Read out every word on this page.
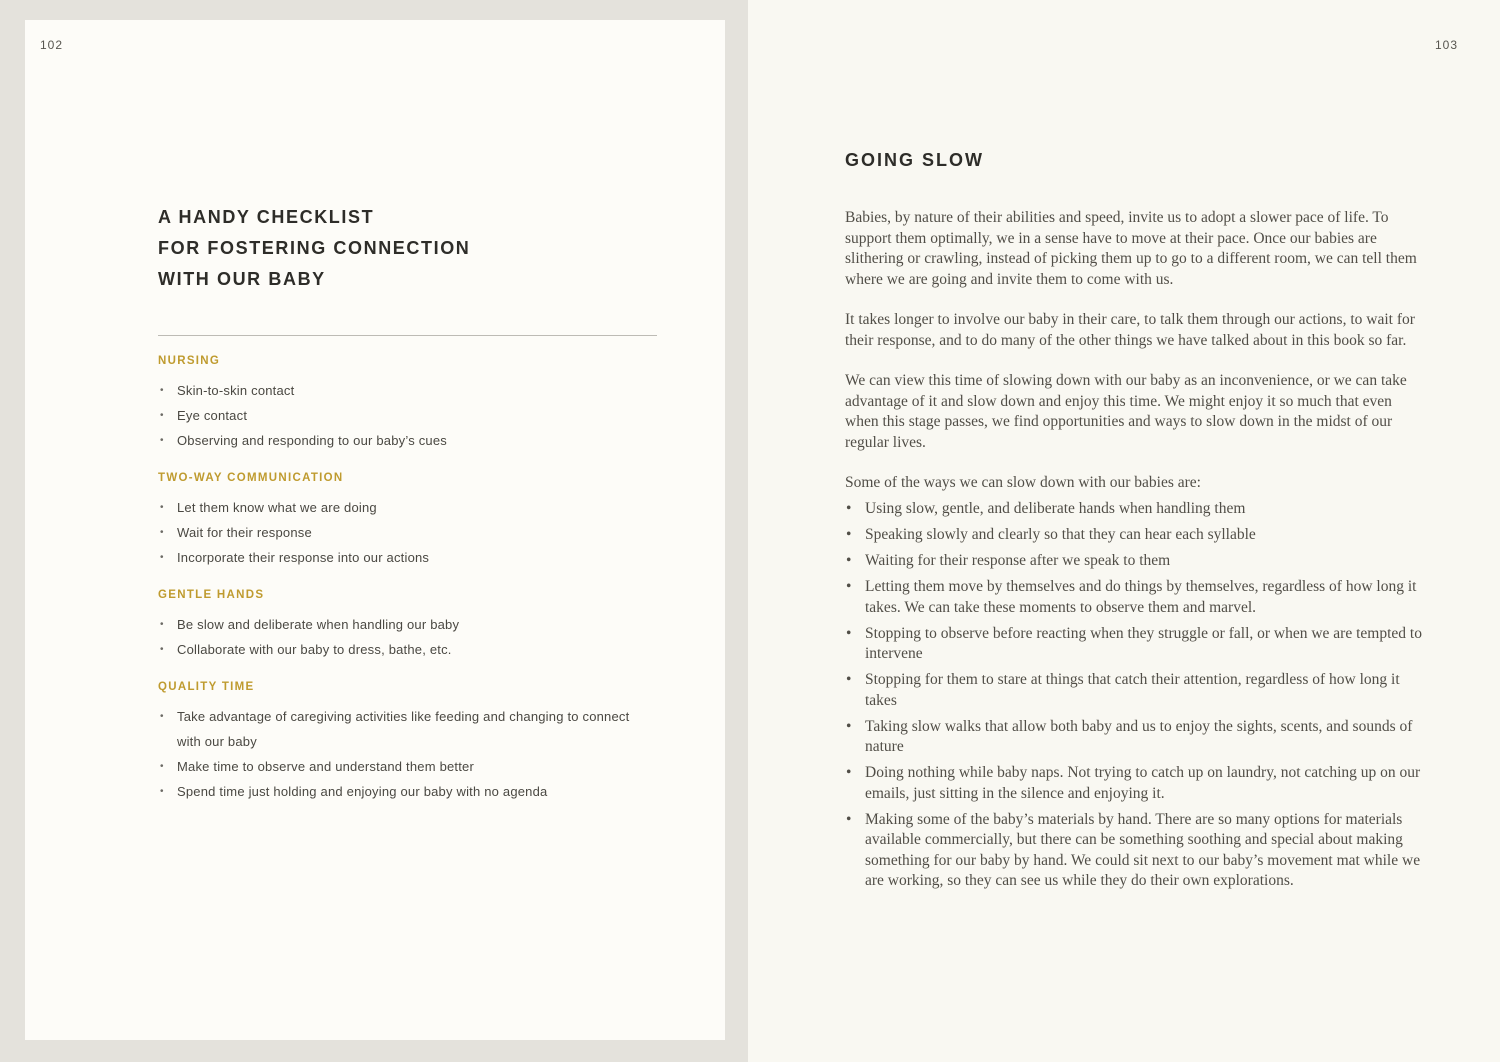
102
A HANDY CHECKLIST
FOR FOSTERING CONNECTION
WITH OUR BABY
NURSING
• Skin-to-skin contact
• Eye contact
• Observing and responding to our baby’s cues
TWO-WAY COMMUNICATION
• Let them know what we are doing
• Wait for their response
• Incorporate their response into our actions
GENTLE HANDS
• Be slow and deliberate when handling our baby
• Collaborate with our baby to dress, bathe, etc.
QUALITY TIME
• Take advantage of caregiving activities like feeding and changing to connect with our baby
• Make time to observe and understand them better
• Spend time just holding and enjoying our baby with no agenda
103
GOING SLOW

Babies, by nature of their abilities and speed, invite us to adopt a slower pace of life. To support them optimally, we in a sense have to move at their pace. Once our babies are slithering or crawling, instead of picking them up to go to a different room, we can tell them where we are going and invite them to come with us.

It takes longer to involve our baby in their care, to talk them through our actions, to wait for their response, and to do many of the other things we have talked about in this book so far.

We can view this time of slowing down with our baby as an inconvenience, or we can take advantage of it and slow down and enjoy this time. We might enjoy it so much that even when this stage passes, we find opportunities and ways to slow down in the midst of our regular lives.

Some of the ways we can slow down with our babies are:

• Using slow, gentle, and deliberate hands when handling them
• Speaking slowly and clearly so that they can hear each syllable
• Waiting for their response after we speak to them
• Letting them move by themselves and do things by themselves, regardless of how long it takes. We can take these moments to observe them and marvel.
• Stopping to observe before reacting when they struggle or fall, or when we are tempted to intervene
• Stopping for them to stare at things that catch their attention, regardless of how long it takes
• Taking slow walks that allow both baby and us to enjoy the sights, scents, and sounds of nature
• Doing nothing while baby naps. Not trying to catch up on laundry, not catching up on our emails, just sitting in the silence and enjoying it.
• Making some of the baby’s materials by hand. There are so many options for materials available commercially, but there can be something soothing and special about making something for our baby by hand. We could sit next to our baby’s movement mat while we are working, so they can see us while they do their own explorations.
